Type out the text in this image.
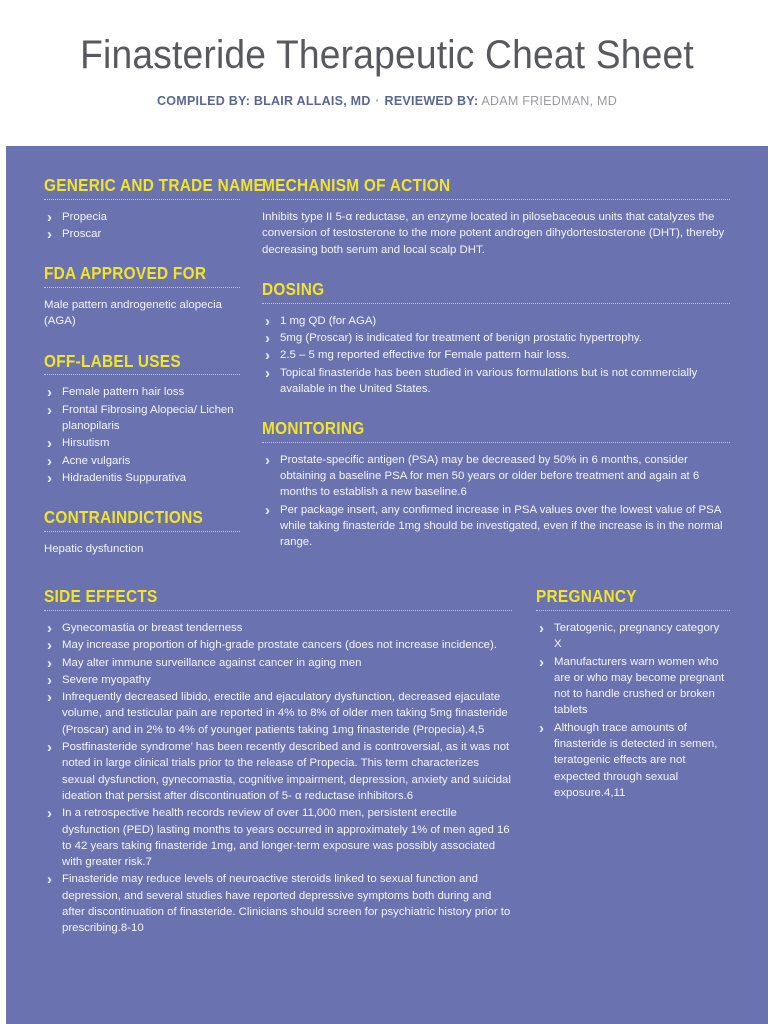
Finasteride Therapeutic Cheat Sheet
COMPILED BY: BLAIR ALLAIS, MD · REVIEWED BY: ADAM FRIEDMAN, MD
GENERIC AND TRADE NAME
› Propecia
› Proscar
FDA APPROVED FOR

Male pattern androgenetic alopecia (AGA)

OFF-LABEL USES
› Female pattern hair loss
› Frontal Fibrosing Alopecia/ Lichen planopilaris
› Hirsutism
› Acne vulgaris
› Hidradenitis Suppurativa
CONTRAINDICTIONS

Hepatic dysfunction

MECHANISM OF ACTION

Inhibits type II 5-α reductase, an enzyme located in pilosebaceous units that catalyzes the conversion of testosterone to the more potent androgen dihydortestosterone (DHT), thereby decreasing both serum and local scalp DHT.

DOSING
› 1 mg QD (for AGA)
› 5mg (Proscar) is indicated for treatment of benign prostatic hypertrophy.
› 2.5 – 5 mg reported effective for Female pattern hair loss.
› Topical finasteride has been studied in various formulations but is not commercially available in the United States.
MONITORING
› Prostate-specific antigen (PSA) may be decreased by 50% in 6 months, consider obtaining a baseline PSA for men 50 years or older before treatment and again at 6 months to establish a new baseline.6
› Per package insert, any confirmed increase in PSA values over the lowest value of PSA while taking finasteride 1mg should be investigated, even if the increase is in the normal range.
SIDE EFFECTS
› Gynecomastia or breast tenderness
› May increase proportion of high-grade prostate cancers (does not increase incidence).
› May alter immune surveillance against cancer in aging men
› Severe myopathy
› Infrequently decreased libido, erectile and ejaculatory dysfunction, decreased ejaculate volume, and testicular pain are reported in 4% to 8% of older men taking 5mg finasteride (Proscar) and in 2% to 4% of younger patients taking 1mg finasteride (Propecia).4,5
› Postfinasteride syndrome’ has been recently described and is controversial, as it was not noted in large clinical trials prior to the release of Propecia. This term characterizes sexual dysfunction, gynecomastia, cognitive impairment, depression, anxiety and suicidal ideation that persist after discontinuation of 5- α reductase inhibitors.6
› In a retrospective health records review of over 11,000 men, persistent erectile dysfunction (PED) lasting months to years occurred in approximately 1% of men aged 16 to 42 years taking finasteride 1mg, and longer-term exposure was possibly associated with greater risk.7
› Finasteride may reduce levels of neuroactive steroids linked to sexual function and depression, and several studies have reported depressive symptoms both during and after discontinuation of finasteride. Clinicians should screen for psychiatric history prior to prescribing.8-10
PREGNANCY
› Teratogenic, pregnancy category X
› Manufacturers warn women who are or who may become pregnant not to handle crushed or broken tablets
› Although trace amounts of finasteride is detected in semen, teratogenic effects are not expected through sexual exposure.4,11
